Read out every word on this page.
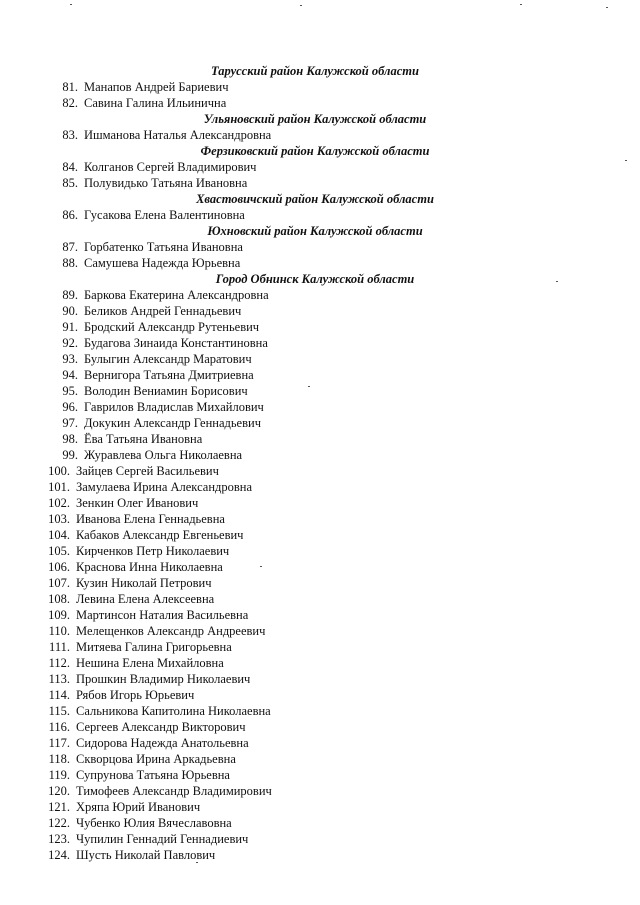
Тарусский район Калужской области
81. Манапов Андрей Бариевич
82. Савина Галина Ильинична
Ульяновский район Калужской области
83. Ишманова Наталья Александровна
Ферзиковский район Калужской области
84. Колганов Сергей Владимирович
85. Полувидько Татьяна Ивановна
Хвастовичский район Калужской области
86. Гусакова Елена Валентиновна
Юхновский район Калужской области
87. Горбатенко Татьяна Ивановна
88. Самушева Надежда Юрьевна
Город Обнинск Калужской области
89. Баркова Екатерина Александровна
90. Беликов Андрей Геннадьевич
91. Бродский Александр Рутеньевич
92. Будагова Зинаида Константиновна
93. Булыгин Александр Маратович
94. Вернигора Татьяна Дмитриевна
95. Володин Вениамин Борисович
96. Гаврилов Владислав Михайлович
97. Докукин Александр Геннадьевич
98. Ёва Татьяна Ивановна
99. Журавлева Ольга Николаевна
100. Зайцев Сергей Васильевич
101. Замулаева Ирина Александровна
102. Зенкин Олег Иванович
103. Иванова Елена Геннадьевна
104. Кабаков Александр Евгеньевич
105. Кирченков Петр Николаевич
106. Краснова Инна Николаевна
107. Кузин Николай Петрович
108. Левина Елена Алексеевна
109. Мартинсон Наталия Васильевна
110. Мелещенков Александр Андреевич
111. Митяева Галина Григорьевна
112. Нешина Елена Михайловна
113. Прошкин Владимир Николаевич
114. Рябов Игорь Юрьевич
115. Сальникова Капитолина Николаевна
116. Сергеев Александр Викторович
117. Сидорова Надежда Анатольевна
118. Скворцова Ирина Аркадьевна
119. Супрунова Татьяна Юрьевна
120. Тимофеев Александр Владимирович
121. Хряпа Юрий Иванович
122. Чубенко Юлия Вячеславовна
123. Чупилин Геннадий Геннадиевич
124. Шусть Николай Павлович
